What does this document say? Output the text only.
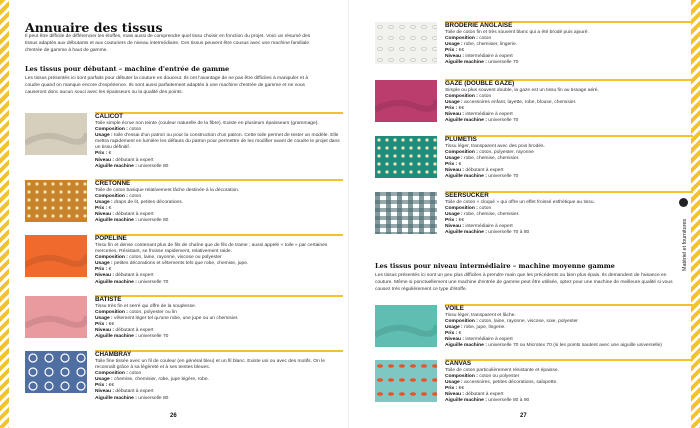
Annuaire des tissus
Il peut être difficile de différencier les étoffes, mais aussi de comprendre quel tissu choisir en fonction du projet. Voici un résumé des tissus adaptés aux débutants et aux couturiers de niveau intermédiaire. Ces tissus peuvent être cousus avec une machine familiale d'entrée de gamme à haut de gamme.
Les tissus pour débutant – machine d'entrée de gamme
Les tissus présentés ici sont parfaits pour débuter la couture en douceur. Ils ont l'avantage de ne pas être difficiles à manipuler et à coudre quand on manque encore d'expérience. Ils sont aussi parfaitement adaptés à une machine d'entrée de gamme et ne vous causeront donc aucun souci avec les épaisseurs ou la qualité des points.
CALICOT
Toile simple écrue non teinte (couleur naturelle de la fibre). Existe en plusieurs épaisseurs (grammage).
Composition : coton
Usage : toile d'essai d'un patron ou pour la construction d'un patron. Cette toile permet de tester un modèle. Elle mettra rapidement en lumière les défauts du patron pour permettre de les modifier avant de coudre le projet dans un tissu définitif.
Prix : €
Niveau : débutant à expert
Aiguille machine : universelle 80
CRETONNE
Toile de coton basique relativement lâche destinée à la décoration.
Composition : coton
Usage : draps de lit, petites décorations.
Prix : €
Niveau : débutant à expert
Aiguille machine : universelle 80
POPELINE
Tissu fin et dense contenant plus de fils de chaîne que de fils de trame ; aussi appelé « toile » par certaines merceries. Résistant, se froisse rapidement, relativement raide.
Composition : coton, laine, rayonne, viscose ou polyester
Usage : petites décorations et vêtements tels que robe, chemise, jupe.
Prix : €
Niveau : débutant à expert
Aiguille machine : universelle 70
BATISTE
Tissu très fin et serré qui offre de la souplesse.
Composition : coton, polyester ou lin
Usage : vêtement léger tel qu'une robe, une jupe ou un chemisier.
Prix : €€
Niveau : débutant à expert
Aiguille machine : universelle 70
CHAMBRAY
Toile fine tissée avec un fil de couleur (en général bleu) et un fil blanc. Existe uni ou avec des motifs. On le reconnaît grâce à sa légèreté et à ses teintes bleues.
Composition : coton
Usage : chemise, chemisier, robe, jupe légère, robe.
Prix : €€
Niveau : débutant à expert
Aiguille machine : universelle 80
26
BRODERIE ANGLAISE
Toile de coton fin et très souvent blanc qui a été brodé puis ajouré.
Composition : coton
Usage : robe, chemisier, lingerie.
Prix : €€
Niveau : intermédiaire à expert
Aiguille machine : universelle 70
GAZE (DOUBLE GAZE)
Simple ou plus souvent double, la gaze est un tissu fin au tissage aéré.
Composition : coton
Usage : accessoires enfant, layette, robe, blouse, chemisier.
Prix : €€
Niveau : intermédiaire à expert
Aiguille machine : universelle 70
PLUMETIS
Tissu léger, transparent avec des pois brodés.
Composition : coton, polyester, rayonne
Usage : robe, chemise, chemisier.
Prix : €
Niveau : débutant à expert
Aiguille machine : universelle 70
SEERSUCKER
Toile de coton « cloqué » qui offre un effet froissé esthétique au tissu.
Composition : coton
Usage : robe, chemise, chemisier.
Prix : €€
Niveau : intermédiaire à expert
Aiguille machine : universelle 70 à 80
Les tissus pour niveau intermédiaire – machine moyenne gamme
Les tissus présentés ici sont un peu plus difficiles à prendre main que les précédents ou bien plus épais. Ils demandent de l'aisance en couture. Même si ponctuellement une machine d'entrée de gamme peut être utilisée, optez pour une machine de meilleure qualité si vous cousez très régulièrement ce type d'étoffe.
VOILE
Tissu léger, transparent et lâche.
Composition : coton, laine, rayonne, viscose, soie, polyester
Usage : robe, jupe, lingerie.
Prix : €
Niveau : intermédiaire à expert
Aiguille machine : universelle 70 ou Microtex 70 (si les points sautent avec une aiguille universelle)
CANVAS
Toile de coton particulièrement résistante et épaisse.
Composition : coton ou polyester
Usage : accessoires, petites décorations, salopette.
Prix : €€
Niveau : débutant à expert
Aiguille machine : universelle 80 à 90
Matériel et fournitures
27
